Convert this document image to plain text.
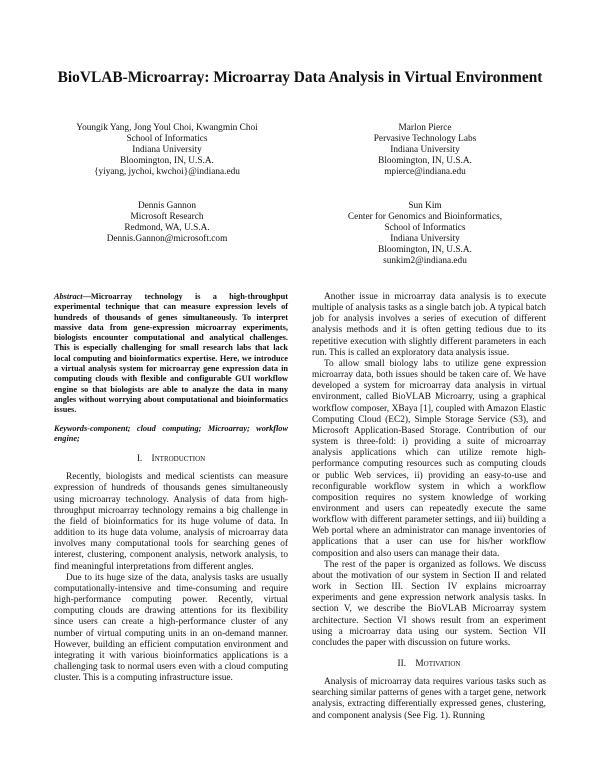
BioVLAB-Microarray: Microarray Data Analysis in Virtual Environment
Youngik Yang, Jong Youl Choi, Kwangmin Choi
School of Informatics
Indiana University
Bloomington, IN, U.S.A.
{yiyang, jychoi, kwchoi}@indiana.edu
Marlon Pierce
Pervasive Technology Labs
Indiana University
Bloomington, IN, U.S.A.
mpierce@indiana.edu
Dennis Gannon
Microsoft Research
Redmond, WA, U.S.A.
Dennis.Gannon@microsoft.com
Sun Kim
Center for Genomics and Bioinformatics,
School of Informatics
Indiana University
Bloomington, IN, U.S.A.
sunkim2@indiana.edu

Abstract—Microarray technology is a high-throughput experimental technique that can measure expression levels of hundreds of thousands of genes simultaneously. To interpret massive data from gene-expression microarray experiments, biologists encounter computational and analytical challenges. This is especially challenging for small research labs that lack local computing and bioinformatics expertise. Here, we introduce a virtual analysis system for microarray gene expression data in computing clouds with flexible and configurable GUI workflow engine so that biologists are able to analyze the data in many angles without worrying about computational and bioinformatics issues.

Keywords-component; cloud computing; Microarray; workflow engine;

I. Introduction

Recently, biologists and medical scientists can measure expression of hundreds of thousands genes simultaneously using microarray technology. Analysis of data from high-throughput microarray technology remains a big challenge in the field of bioinformatics for its huge volume of data. In addition to its huge data volume, analysis of microarray data involves many computational tools for searching genes of interest, clustering, component analysis, network analysis, to find meaningful interpretations from different angles.

Due to its huge size of the data, analysis tasks are usually computationally-intensive and time-consuming and require high-performance computing power. Recently, virtual computing clouds are drawing attentions for its flexibility since users can create a high-performance cluster of any number of virtual computing units in an on-demand manner. However, building an efficient computation environment and integrating it with various bioinformatics applications is a challenging task to normal users even with a cloud computing cluster. This is a computing infrastructure issue.

Another issue in microarray data analysis is to execute multiple of analysis tasks as a single batch job. A typical batch job for analysis involves a series of execution of different analysis methods and it is often getting tedious due to its repetitive execution with slightly different parameters in each run. This is called an exploratory data analysis issue.

To allow small biology labs to utilize gene expression microarray data, both issues should be taken care of. We have developed a system for microarray data analysis in virtual environment, called BioVLAB Microarry, using a graphical workflow composer, XBaya [1], coupled with Amazon Elastic Computing Cloud (EC2), Simple Storage Service (S3), and Microsoft Application-Based Storage. Contribution of our system is three-fold: i) providing a suite of microarray analysis applications which can utilize remote high-performance computing resources such as computing clouds or public Web services, ii) providing an easy-to-use and reconfigurable workflow system in which a workflow composition requires no system knowledge of working environment and users can repeatedly execute the same workflow with different parameter settings, and iii) building a Web portal where an administrator can manage inventories of applications that a user can use for his/her workflow composition and also users can manage their data.

The rest of the paper is organized as follows. We discuss about the motivation of our system in Section II and related work in Section III. Section IV explains microarray experiments and gene expression network analysis tasks. In section V, we describe the BioVLAB Microarray system architecture. Section VI shows result from an experiment using a microarray data using our system. Section VII concludes the paper with discussion on future works.

II. Motivation

Analysis of microarray data requires various tasks such as searching similar patterns of genes with a target gene, network analysis, extracting differentially expressed genes, clustering, and component analysis (See Fig. 1). Running
